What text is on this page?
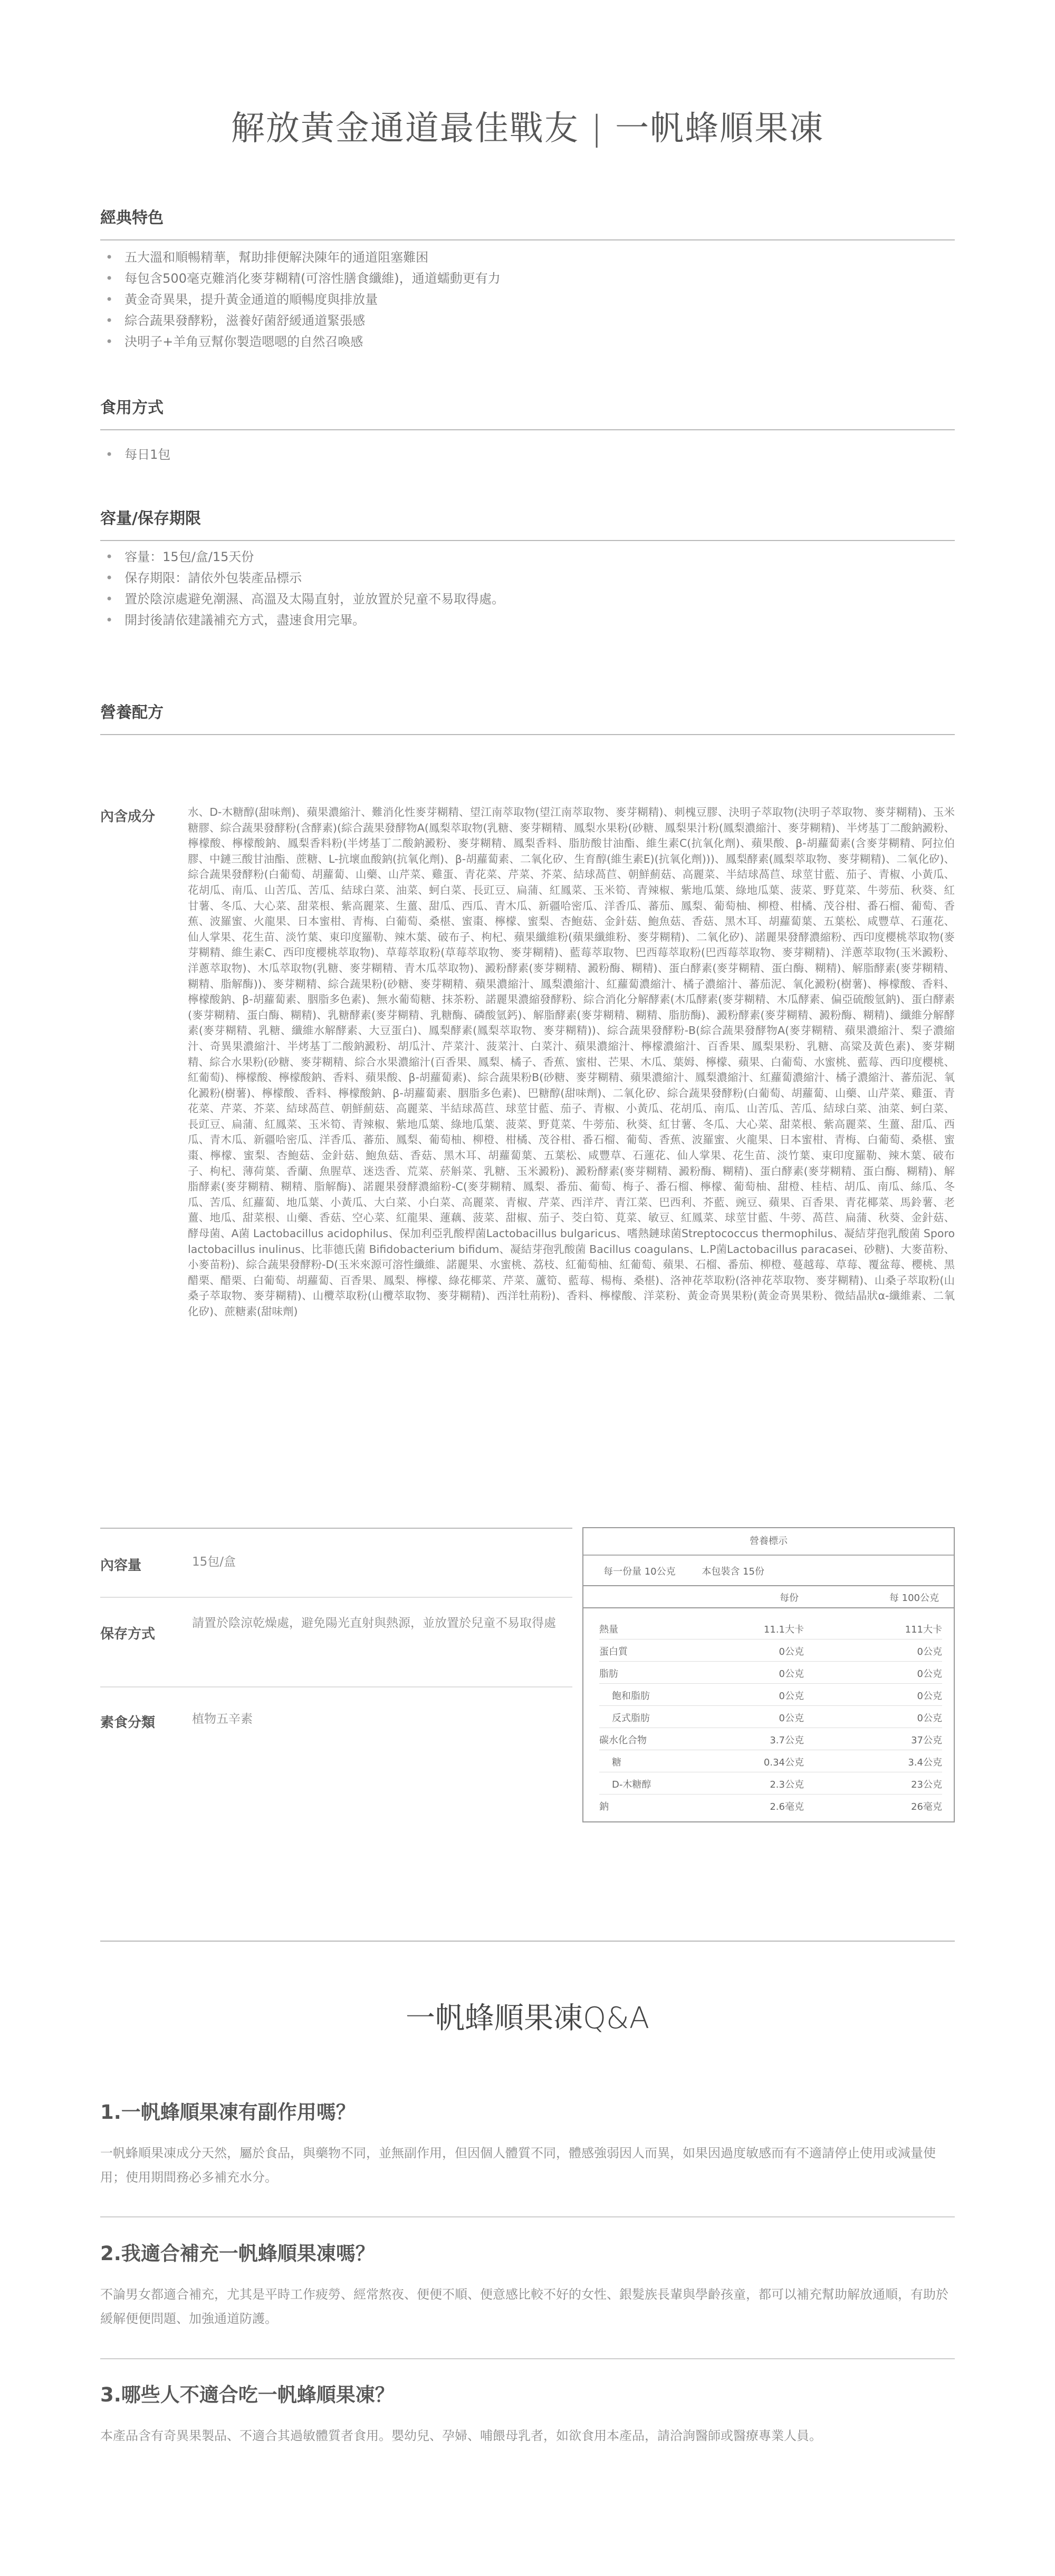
解放黃金通道最佳戰友 | 一帆蜂順果凍
經典特色
• 五大溫和順暢精華，幫助排便解決陳年的通道阻塞難困
• 每包含500毫克難消化麥芽糊精(可溶性膳食纖維)，通道蠕動更有力
• 黃金奇異果，提升黃金通道的順暢度與排放量
• 綜合蔬果發酵粉，滋養好菌舒緩通道緊張感
• 決明子+羊角豆幫你製造嗯嗯的自然召喚感
食用方式
• 每日1包
容量/保存期限
• 容量：15包/盒/15天份
• 保存期限：請依外包裝產品標示
• 置於陰涼處避免潮濕、高溫及太陽直射，並放置於兒童不易取得處。
• 開封後請依建議補充方式，盡速食用完畢。
營養配方
內含成分	水、D-木糖醇(甜味劑)、蘋果濃縮汁、難消化性麥芽糊精、望江南萃取物(望江南萃取物、麥芽糊精)、刺槐豆膠、決明子萃取物(決明子萃取物、麥芽糊精)、玉米糖膠、綜合蔬果發酵粉(含酵素)(綜合蔬果發酵物A(鳳梨萃取物(乳糖、麥芽糊精、鳳梨水果粉(砂糖、鳳梨果汁粉(鳳梨濃縮汁、麥芽糊精)、半烤基丁二酸鈉澱粉、檸檬酸、檸檬酸鈉、鳳梨香料粉(半烤基丁二酸鈉澱粉、麥芽糊精、鳳梨香料、脂肪酸甘油酯、維生素C(抗氧化劑)、蘋果酸、β-胡蘿蔔素(含麥芽糊精、阿拉伯膠、中鏈三酸甘油酯、蔗糖、L-抗壞血酸鈉(抗氧化劑)、β-胡蘿蔔素、二氧化矽、生育醇(維生素E)(抗氧化劑)))、鳳梨酵素(鳳梨萃取物、麥芽糊精)、二氧化矽)、綜合蔬果發酵粉(白葡萄、胡蘿蔔、山藥、山芹菜、雞蛋、青花菜、芹菜、芥菜、結球萵苣、朝鮮薊菇、高麗菜、半結球萵苣、球莖甘藍、茄子、青椒、小黃瓜、花胡瓜、南瓜、山苦瓜、苦瓜、結球白菜、油菜、蚵白菜、長豇豆、扁蒲、紅鳳菜、玉米筍、青辣椒、紫地瓜葉、綠地瓜葉、菠菜、野莧菜、牛蒡茄、秋葵、紅甘薯、冬瓜、大心菜、甜菜根、紫高麗菜、生薑、甜瓜、西瓜、青木瓜、新疆哈密瓜、洋香瓜、蕃茄、鳳梨、葡萄柚、柳橙、柑橘、茂谷柑、番石榴、葡萄、香蕉、波羅蜜、火龍果、日本蜜柑、青梅、白葡萄、桑椹、蜜棗、檸檬、蜜梨、杏鮑菇、金針菇、鮑魚菇、香菇、黑木耳、胡蘿蔔葉、五葉松、咸豐草、石蓮花、仙人掌果、花生苗、淡竹葉、東印度羅勒、辣木葉、破布子、枸杞、蘋果纖維粉(蘋果纖維粉、麥芽糊精)、二氧化矽)、諾麗果發酵濃縮粉、西印度櫻桃萃取物(麥芽糊精、維生素C、西印度櫻桃萃取物)、草莓萃取粉(草莓萃取物、麥芽糊精)、藍莓萃取物、巴西莓萃取粉(巴西莓萃取物、麥芽糊精)、洋蔥萃取物(玉米澱粉、洋蔥萃取物)、木瓜萃取物(乳糖、麥芽糊精、青木瓜萃取物)、澱粉酵素(麥芽糊精、澱粉酶、糊精)、蛋白酵素(麥芽糊精、蛋白酶、糊精)、解脂酵素(麥芽糊精、糊精、脂解酶))、麥芽糊精、綜合蔬果粉(砂糖、麥芽糊精、蘋果濃縮汁、鳳梨濃縮汁、紅蘿蔔濃縮汁、橘子濃縮汁、蕃茄泥、氧化澱粉(樹薯)、檸檬酸、香料、檸檬酸鈉、β-胡蘿蔔素、胭脂多色素)、無水葡萄糖、抹茶粉、諾麗果濃縮發酵粉、綜合消化分解酵素(木瓜酵素(麥芽糊精、木瓜酵素、偏亞硫酸氫鈉)、蛋白酵素(麥芽糊精、蛋白酶、糊精)、乳糖酵素(麥芽糊精、乳糖酶、磷酸氫鈣)、解脂酵素(麥芽糊精、糊精、脂肪酶)、澱粉酵素(麥芽糊精、澱粉酶、糊精)、纖維分解酵素(麥芽糊精、乳糖、纖維水解酵素、大豆蛋白)、鳳梨酵素(鳳梨萃取物、麥芽糊精))、綜合蔬果發酵粉-B(綜合蔬果發酵物A(麥芽糊精、蘋果濃縮汁、梨子濃縮汁、奇異果濃縮汁、半烤基丁二酸鈉澱粉、胡瓜汁、芹菜汁、菠菜汁、白菜汁、蘋果濃縮汁、檸檬濃縮汁、百香果、鳳梨果粉、乳糖、高粱及黃色素)、麥芽糊精、綜合水果粉(砂糖、麥芽糊精、綜合水果濃縮汁(百香果、鳳梨、橘子、香蕉、蜜柑、芒果、木瓜、葉姆、檸檬、蘋果、白葡萄、水蜜桃、藍莓、西印度櫻桃、紅葡萄)、檸檬酸、檸檬酸鈉、香料、蘋果酸、β-胡蘿蔔素)、綜合蔬果粉B(砂糖、麥芽糊精、蘋果濃縮汁、鳳梨濃縮汁、紅蘿蔔濃縮汁、橘子濃縮汁、蕃茄泥、氧化澱粉(樹薯)、檸檬酸、香料、檸檬酸鈉、β-胡蘿蔔素、胭脂多色素)、巴糖醇(甜味劑)、二氧化矽、綜合蔬果發酵粉(白葡萄、胡蘿蔔、山藥、山芹菜、雞蛋、青花菜、芹菜、芥菜、結球萵苣、朝鮮薊菇、高麗菜、半結球萵苣、球莖甘藍、茄子、青椒、小黃瓜、花胡瓜、南瓜、山苦瓜、苦瓜、結球白菜、油菜、蚵白菜、長豇豆、扁蒲、紅鳳菜、玉米筍、青辣椒、紫地瓜葉、綠地瓜葉、菠菜、野莧菜、牛蒡茄、秋葵、紅甘薯、冬瓜、大心菜、甜菜根、紫高麗菜、生薑、甜瓜、西瓜、青木瓜、新疆哈密瓜、洋香瓜、蕃茄、鳳梨、葡萄柚、柳橙、柑橘、茂谷柑、番石榴、葡萄、香蕉、波羅蜜、火龍果、日本蜜柑、青梅、白葡萄、桑椹、蜜棗、檸檬、蜜梨、杏鮑菇、金針菇、鮑魚菇、香菇、黑木耳、胡蘿蔔葉、五葉松、咸豐草、石蓮花、仙人掌果、花生苗、淡竹葉、東印度羅勒、辣木葉、破布子、枸杞、薄荷葉、香蘭、魚腥草、迷迭香、荒菜、菸斛菜、乳糖、玉米澱粉)、澱粉酵素(麥芽糊精、澱粉酶、糊精)、蛋白酵素(麥芽糊精、蛋白酶、糊精)、解脂酵素(麥芽糊精、糊精、脂解酶)、諾麗果發酵濃縮粉-C(麥芽糊精、鳳梨、番茄、葡萄、梅子、番石榴、檸檬、葡萄柚、甜橙、桂桔、胡瓜、南瓜、絲瓜、冬瓜、苦瓜、紅蘿蔔、地瓜葉、小黃瓜、大白菜、小白菜、高麗菜、青椒、芹菜、西洋芹、青江菜、巴西利、芥藍、豌豆、蘋果、百香果、青花椰菜、馬鈴薯、老薑、地瓜、甜菜根、山藥、香菇、空心菜、紅龍果、蓮藕、菠菜、甜椒、茄子、茭白筍、莧菜、敏豆、紅鳳菜、球莖甘藍、牛蒡、萵苣、扁蒲、秋葵、金針菇、酵母菌、A菌 Lactobacillus acidophilus、保加利亞乳酸桿菌Lactobacillus bulgaricus、嗜熱鏈球菌Streptococcus thermophilus、凝結芽孢乳酸菌 Sporolactobacillus inulinus、比菲德氏菌 Bifidobacterium bifidum、凝結芽孢乳酸菌 Bacillus coagulans、L.P菌Lactobacillus paracasei、砂糖)、大麥苗粉、小麥苗粉)、綜合蔬果發酵粉-D(玉米來源可溶性纖維、諾麗果、水蜜桃、荔枝、紅葡萄柚、紅葡萄、蘋果、石榴、番茄、柳橙、蔓越莓、草莓、覆盆莓、櫻桃、黑醋栗、醋栗、白葡萄、胡蘿蔔、百香果、鳳梨、檸檬、綠花椰菜、芹菜、蘆筍、藍莓、楊梅、桑椹)、洛神花萃取粉(洛神花萃取物、麥芽糊精)、山桑子萃取粉(山桑子萃取物、麥芽糊精)、山欖萃取粉(山欖萃取物、麥芽糊精)、西洋牡荊粉)、香料、檸檬酸、洋菜粉、黃金奇異果粉(黃金奇異果粉、微結晶狀α-纖維素、二氧化矽)、蔗糖素(甜味劑)

內容量	15包/盒
保存方式
請置於陰涼乾燥處，避免陽光直射與熱源，並放置於兒童不易取得處
素食分類	植物五辛素
營養標示
每一份量 10公克	本包裝含 15份
每份	每 100公克
熱量	11.1大卡	111大卡
蛋白質	0公克	0公克
脂肪	0公克	0公克
飽和脂肪	0公克	0公克
反式脂肪	0公克	0公克
碳水化合物	3.7公克	37公克
糖	0.34公克	3.4公克
D-木糖醇	2.3公克	23公克
鈉	2.6毫克	26毫克
一帆蜂順果凍Q&A
1.一帆蜂順果凍有副作用嗎？

一帆蜂順果凍成分天然，屬於食品，與藥物不同，並無副作用，但因個人體質不同，體感強弱因人而異，如果因過度敏感而有不適請停止使用或減量使用；使用期間務必多補充水分。

2.我適合補充一帆蜂順果凍嗎？

不論男女都適合補充，尤其是平時工作疲勞、經常熬夜、便便不順、便意感比較不好的女性、銀髮族長輩與學齡孩童，都可以補充幫助解放通順，有助於緩解便便問題、加強通道防護。

3.哪些人不適合吃一帆蜂順果凍？

本產品含有奇異果製品、不適合其過敏體質者食用。嬰幼兒、孕婦、哺餵母乳者，如欲食用本產品，請洽詢醫師或醫療專業人員。
